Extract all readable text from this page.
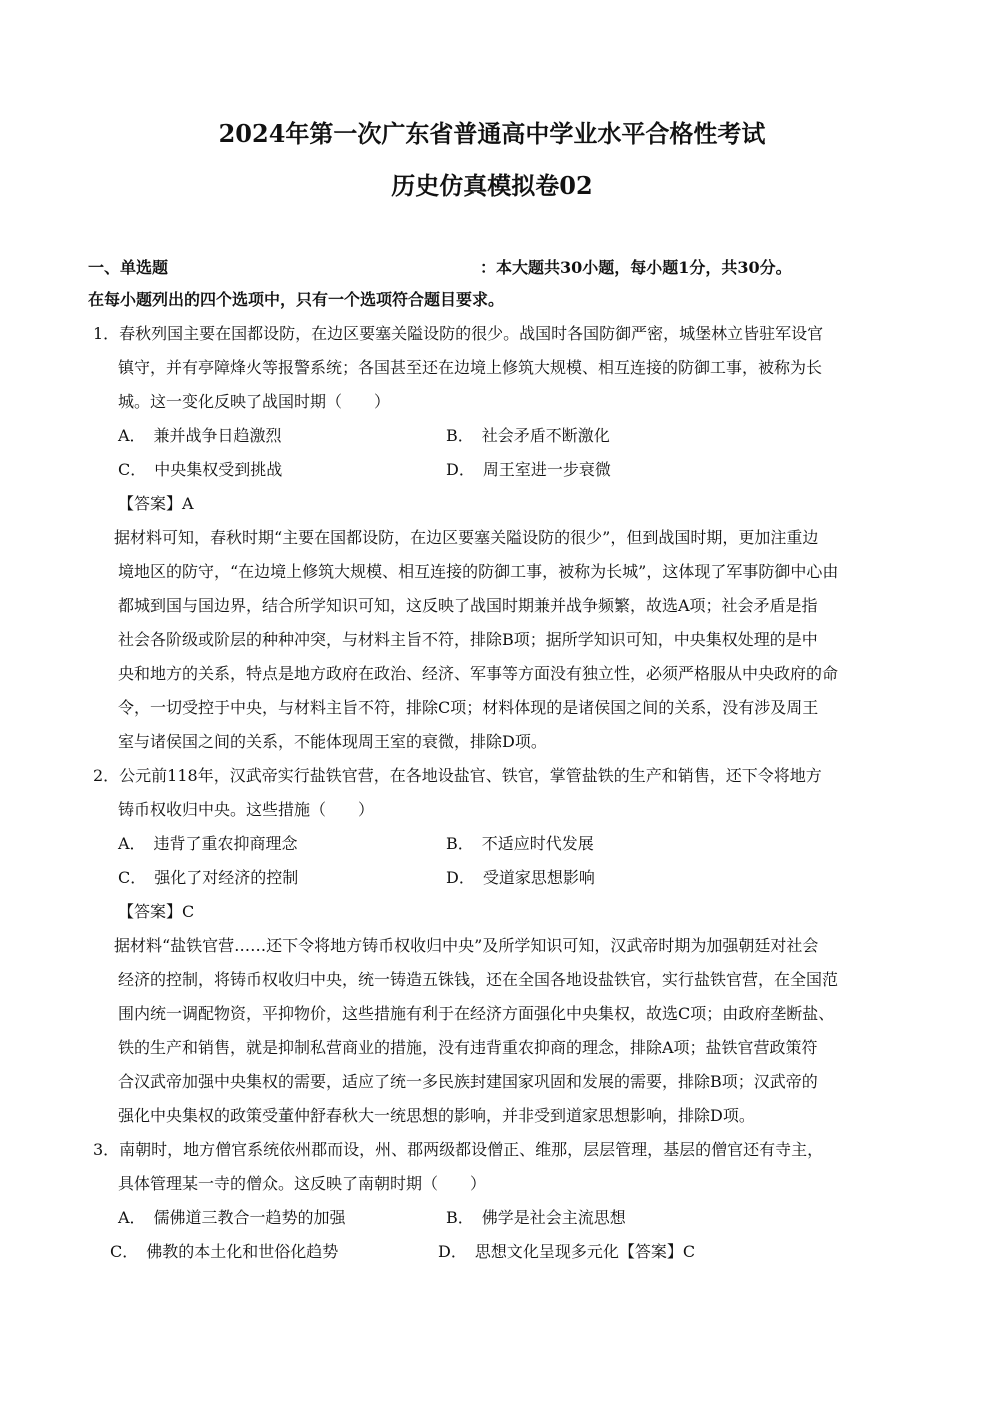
2024年第一次广东省普通高中学业水平合格性考试
历史仿真模拟卷02
一、单选题	：本大题共30小题，每小题1分，共30分。
在每小题列出的四个选项中，只有一个选项符合题目要求。
1．春秋列国主要在国都设防，在边区要塞关隘设防的很少。战国时各国防御严密，城堡林立皆驻军设官
镇守，并有亭障烽火等报警系统；各国甚至还在边境上修筑大规模、相互连接的防御工事，被称为长
城。这一变化反映了战国时期（　　）
A．　兼并战争日趋激烈	B．　社会矛盾不断激化
C．　中央集权受到挑战	D．　周王室进一步衰微
【答案】A
据材料可知，春秋时期“主要在国都设防，在边区要塞关隘设防的很少”，但到战国时期，更加注重边
境地区的防守，“在边境上修筑大规模、相互连接的防御工事，被称为长城”，这体现了军事防御中心由
都城到国与国边界，结合所学知识可知，这反映了战国时期兼并战争频繁，故选A项；社会矛盾是指
社会各阶级或阶层的种种冲突，与材料主旨不符，排除B项；据所学知识可知，中央集权处理的是中
央和地方的关系，特点是地方政府在政治、经济、军事等方面没有独立性，必须严格服从中央政府的命
令，一切受控于中央，与材料主旨不符，排除C项；材料体现的是诸侯国之间的关系，没有涉及周王
室与诸侯国之间的关系，不能体现周王室的衰微，排除D项。
2．公元前118年，汉武帝实行盐铁官营，在各地设盐官、铁官，掌管盐铁的生产和销售，还下令将地方
铸币权收归中央。这些措施（　　）
A．　违背了重农抑商理念	B．　不适应时代发展
C．　强化了对经济的控制	D．　受道家思想影响
【答案】C
据材料“盐铁官营……还下令将地方铸币权收归中央”及所学知识可知，汉武帝时期为加强朝廷对社会
经济的控制，将铸币权收归中央，统一铸造五铢钱，还在全国各地设盐铁官，实行盐铁官营，在全国范
围内统一调配物资，平抑物价，这些措施有利于在经济方面强化中央集权，故选C项；由政府垄断盐、
铁的生产和销售，就是抑制私营商业的措施，没有违背重农抑商的理念，排除A项；盐铁官营政策符
合汉武帝加强中央集权的需要，适应了统一多民族封建国家巩固和发展的需要，排除B项；汉武帝的
强化中央集权的政策受董仲舒春秋大一统思想的影响，并非受到道家思想影响，排除D项。
3．南朝时，地方僧官系统依州郡而设，州、郡两级都设僧正、维那，层层管理，基层的僧官还有寺主，
具体管理某一寺的僧众。这反映了南朝时期（　　）
A．　儒佛道三教合一趋势的加强	B．　佛学是社会主流思想
C．　佛教的本土化和世俗化趋势	D．　思想文化呈现多元化【答案】C
